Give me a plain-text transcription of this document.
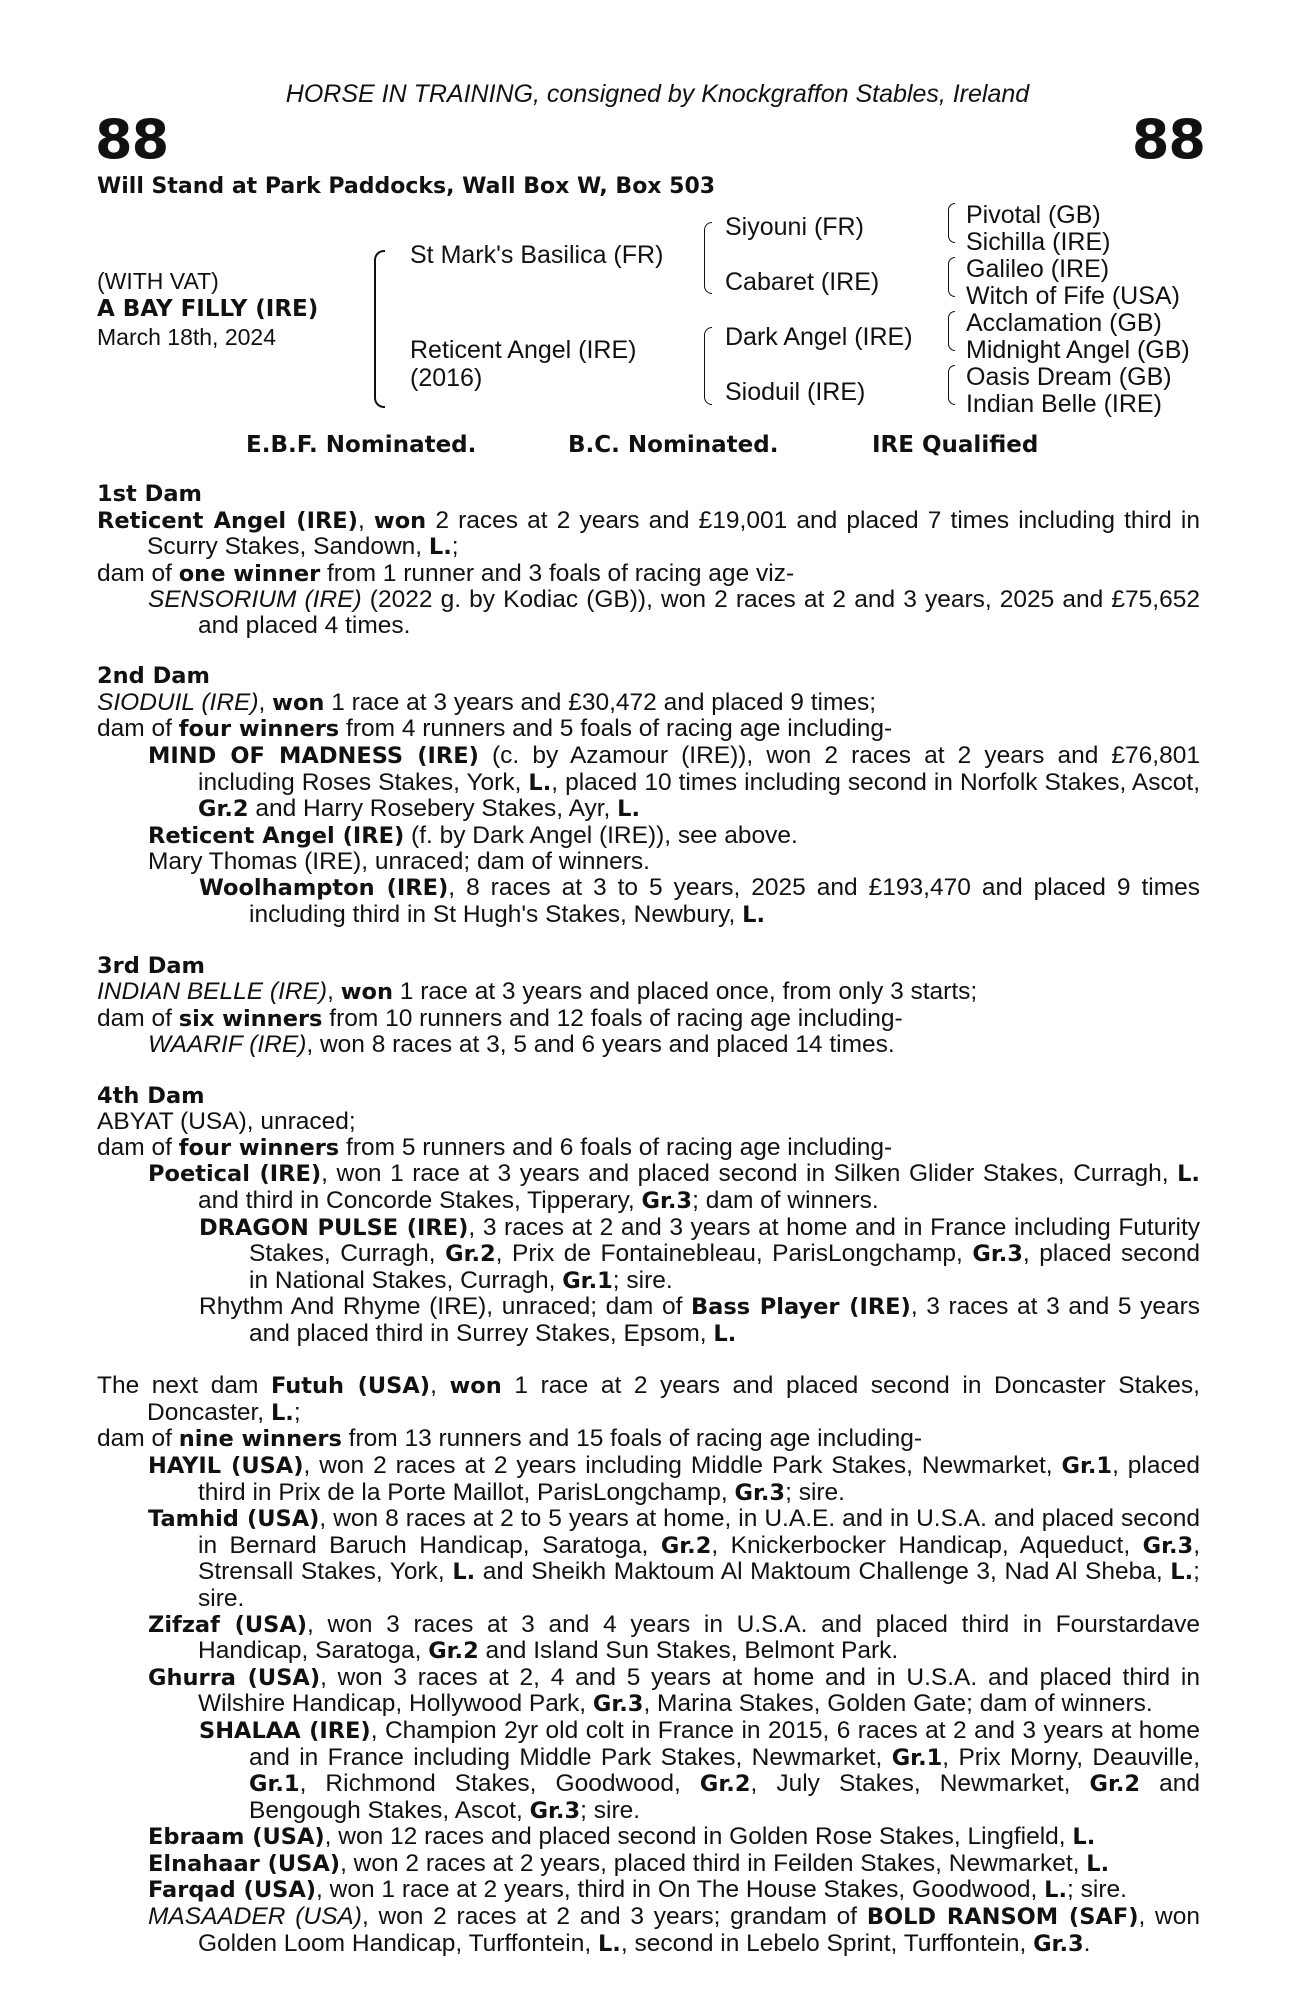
HORSE IN TRAINING, consigned by Knockgraffon Stables, Ireland
88	88
Will Stand at Park Paddocks, Wall Box W, Box 503
(WITH VAT)
A BAY FILLY (IRE)
March 18th, 2024
St Mark's Basilica (FR)
Reticent Angel (IRE)
(2016)
Siyouni (FR)
Cabaret (IRE)
Dark Angel (IRE)
Sioduil (IRE)
Pivotal (GB)
Sichilla (IRE)
Galileo (IRE)
Witch of Fife (USA)
Acclamation (GB)
Midnight Angel (GB)
Oasis Dream (GB)
Indian Belle (IRE)
E.B.F. Nominated.	B.C. Nominated.	IRE Qualified

1st Dam

Reticent Angel (IRE), won 2 races at 2 years and £19,001 and placed 7 times including third in Scurry Stakes, Sandown, L.;

dam of one winner from 1 runner and 3 foals of racing age viz-

SENSORIUM (IRE) (2022 g. by Kodiac (GB)), won 2 races at 2 and 3 years, 2025 and £75,652 and placed 4 times.

2nd Dam

SIODUIL (IRE), won 1 race at 3 years and £30,472 and placed 9 times;

dam of four winners from 4 runners and 5 foals of racing age including-

MIND OF MADNESS (IRE) (c. by Azamour (IRE)), won 2 races at 2 years and £76,801 including Roses Stakes, York, L., placed 10 times including second in Norfolk Stakes, Ascot, Gr.2 and Harry Rosebery Stakes, Ayr, L.

Reticent Angel (IRE) (f. by Dark Angel (IRE)), see above.

Mary Thomas (IRE), unraced; dam of winners.

Woolhampton (IRE), 8 races at 3 to 5 years, 2025 and £193,470 and placed 9 times including third in St Hugh's Stakes, Newbury, L.

3rd Dam

INDIAN BELLE (IRE), won 1 race at 3 years and placed once, from only 3 starts;

dam of six winners from 10 runners and 12 foals of racing age including-

WAARIF (IRE), won 8 races at 3, 5 and 6 years and placed 14 times.

4th Dam

ABYAT (USA), unraced;

dam of four winners from 5 runners and 6 foals of racing age including-

Poetical (IRE), won 1 race at 3 years and placed second in Silken Glider Stakes, Curragh, L. and third in Concorde Stakes, Tipperary, Gr.3; dam of winners.

DRAGON PULSE (IRE), 3 races at 2 and 3 years at home and in France including Futurity Stakes, Curragh, Gr.2, Prix de Fontainebleau, ParisLongchamp, Gr.3, placed second in National Stakes, Curragh, Gr.1; sire.

Rhythm And Rhyme (IRE), unraced; dam of Bass Player (IRE), 3 races at 3 and 5 years and placed third in Surrey Stakes, Epsom, L.

The next dam Futuh (USA), won 1 race at 2 years and placed second in Doncaster Stakes, Doncaster, L.;

dam of nine winners from 13 runners and 15 foals of racing age including-

HAYIL (USA), won 2 races at 2 years including Middle Park Stakes, Newmarket, Gr.1, placed third in Prix de la Porte Maillot, ParisLongchamp, Gr.3; sire.

Tamhid (USA), won 8 races at 2 to 5 years at home, in U.A.E. and in U.S.A. and placed second in Bernard Baruch Handicap, Saratoga, Gr.2, Knickerbocker Handicap, Aqueduct, Gr.3, Strensall Stakes, York, L. and Sheikh Maktoum Al Maktoum Challenge 3, Nad Al Sheba, L.; sire.

Zifzaf (USA), won 3 races at 3 and 4 years in U.S.A. and placed third in Fourstardave Handicap, Saratoga, Gr.2 and Island Sun Stakes, Belmont Park.

Ghurra (USA), won 3 races at 2, 4 and 5 years at home and in U.S.A. and placed third in Wilshire Handicap, Hollywood Park, Gr.3, Marina Stakes, Golden Gate; dam of winners.

SHALAA (IRE), Champion 2yr old colt in France in 2015, 6 races at 2 and 3 years at home and in France including Middle Park Stakes, Newmarket, Gr.1, Prix Morny, Deauville, Gr.1, Richmond Stakes, Goodwood, Gr.2, July Stakes, Newmarket, Gr.2 and Bengough Stakes, Ascot, Gr.3; sire.

Ebraam (USA), won 12 races and placed second in Golden Rose Stakes, Lingfield, L.

Elnahaar (USA), won 2 races at 2 years, placed third in Feilden Stakes, Newmarket, L.

Farqad (USA), won 1 race at 2 years, third in On The House Stakes, Goodwood, L.; sire.

MASAADER (USA), won 2 races at 2 and 3 years; grandam of BOLD RANSOM (SAF), won Golden Loom Handicap, Turffontein, L., second in Lebelo Sprint, Turffontein, Gr.3.
